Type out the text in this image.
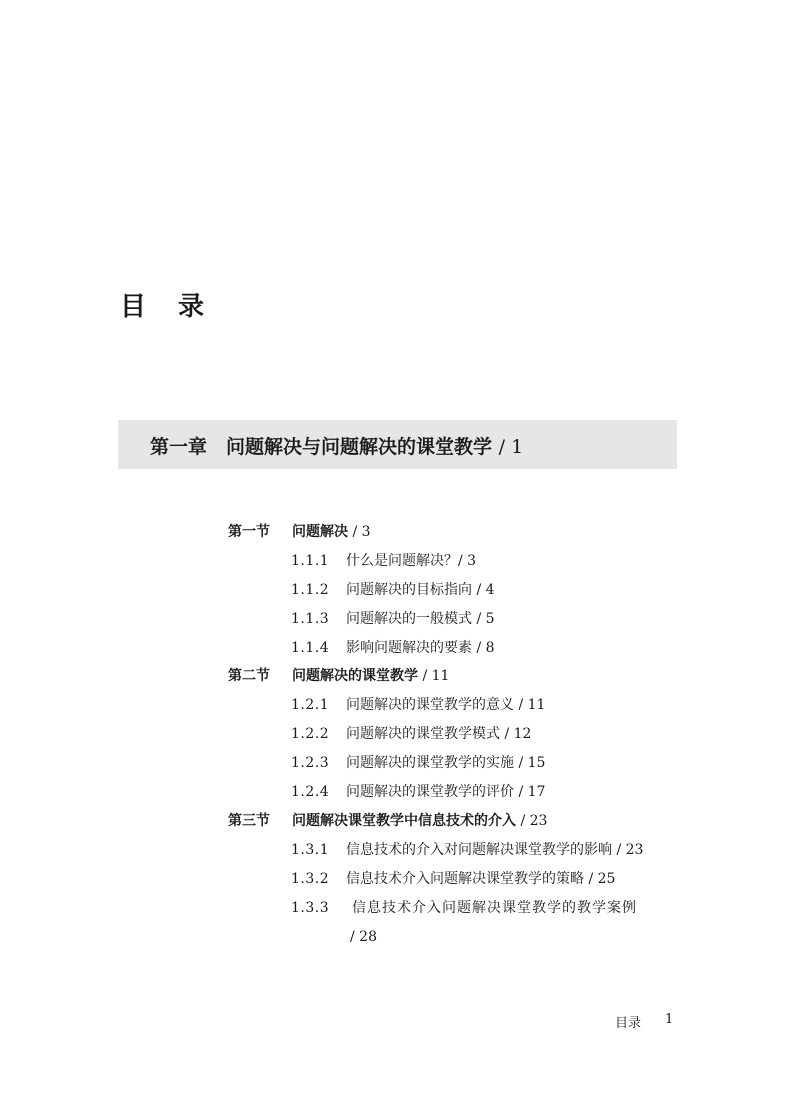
目 录
第一章 问题解决与问题解决的课堂教学 / 1
第一节 问题解决 / 3
1.1.1 什么是问题解决？/ 3
1.1.2 问题解决的目标指向 / 4
1.1.3 问题解决的一般模式 / 5
1.1.4 影响问题解决的要素 / 8
第二节 问题解决的课堂教学 / 11
1.2.1 问题解决的课堂教学的意义 / 11
1.2.2 问题解决的课堂教学模式 / 12
1.2.3 问题解决的课堂教学的实施 / 15
1.2.4 问题解决的课堂教学的评价 / 17
第三节 问题解决课堂教学中信息技术的介入 / 23
1.3.1 信息技术的介入对问题解决课堂教学的影响 / 23
1.3.2 信息技术介入问题解决课堂教学的策略 / 25
1.3.3 信息技术介入问题解决课堂教学的教学案例
/ 28
目录 1
